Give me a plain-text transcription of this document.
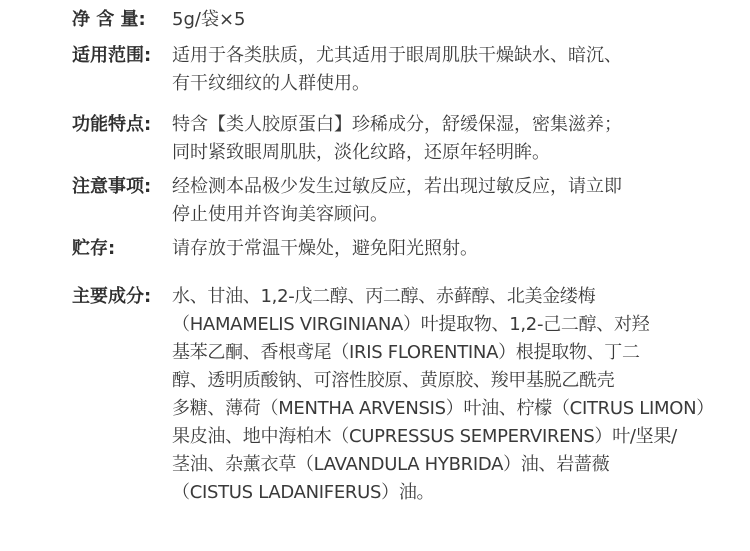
净 含 量: 5g/袋×5
适用范围: 适用于各类肤质，尤其适用于眼周肌肤干燥缺水、暗沉、
有干纹细纹的人群使用。
功能特点: 特含【类人胶原蛋白】珍稀成分，舒缓保湿，密集滋养；
同时紧致眼周肌肤，淡化纹路，还原年轻明眸。
注意事项: 经检测本品极少发生过敏反应，若出现过敏反应，请立即
停止使用并咨询美容顾问。
贮存:	请存放于常温干燥处，避免阳光照射。
主要成分: 水、甘油、1,2-戊二醇、丙二醇、赤藓醇、北美金缕梅
（HAMAMELIS VIRGINIANA）叶提取物、1,2-己二醇、对羟
基苯乙酮、香根鸢尾（IRIS FLORENTINA）根提取物、丁二
醇、透明质酸钠、可溶性胶原、黄原胶、羧甲基脱乙酰壳
多糖、薄荷（MENTHA ARVENSIS）叶油、柠檬（CITRUS LIMON）
果皮油、地中海柏木（CUPRESSUS SEMPERVIRENS）叶/坚果/
茎油、杂薰衣草（LAVANDULA HYBRIDA）油、岩蔷薇
（CISTUS LADANIFERUS）油。
